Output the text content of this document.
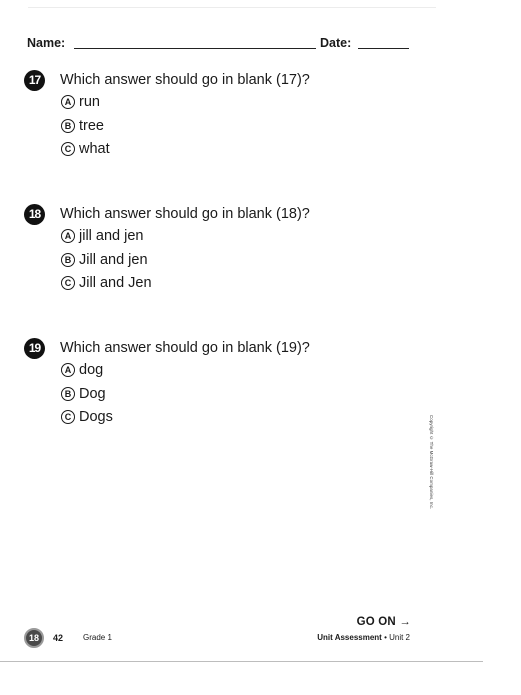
Name:	Date:
17	Which answer should go in blank (17)?
A run
B tree
C what
18	Which answer should go in blank (18)?
A jill and jen
B Jill and jen
C Jill and Jen
19	Which answer should go in blank (19)?
A dog
B Dog
C Dogs	Copyright © The McGraw-Hill Companies, Inc.
GO ON →
18	42 Grade 1	Unit Assessment • Unit 2
